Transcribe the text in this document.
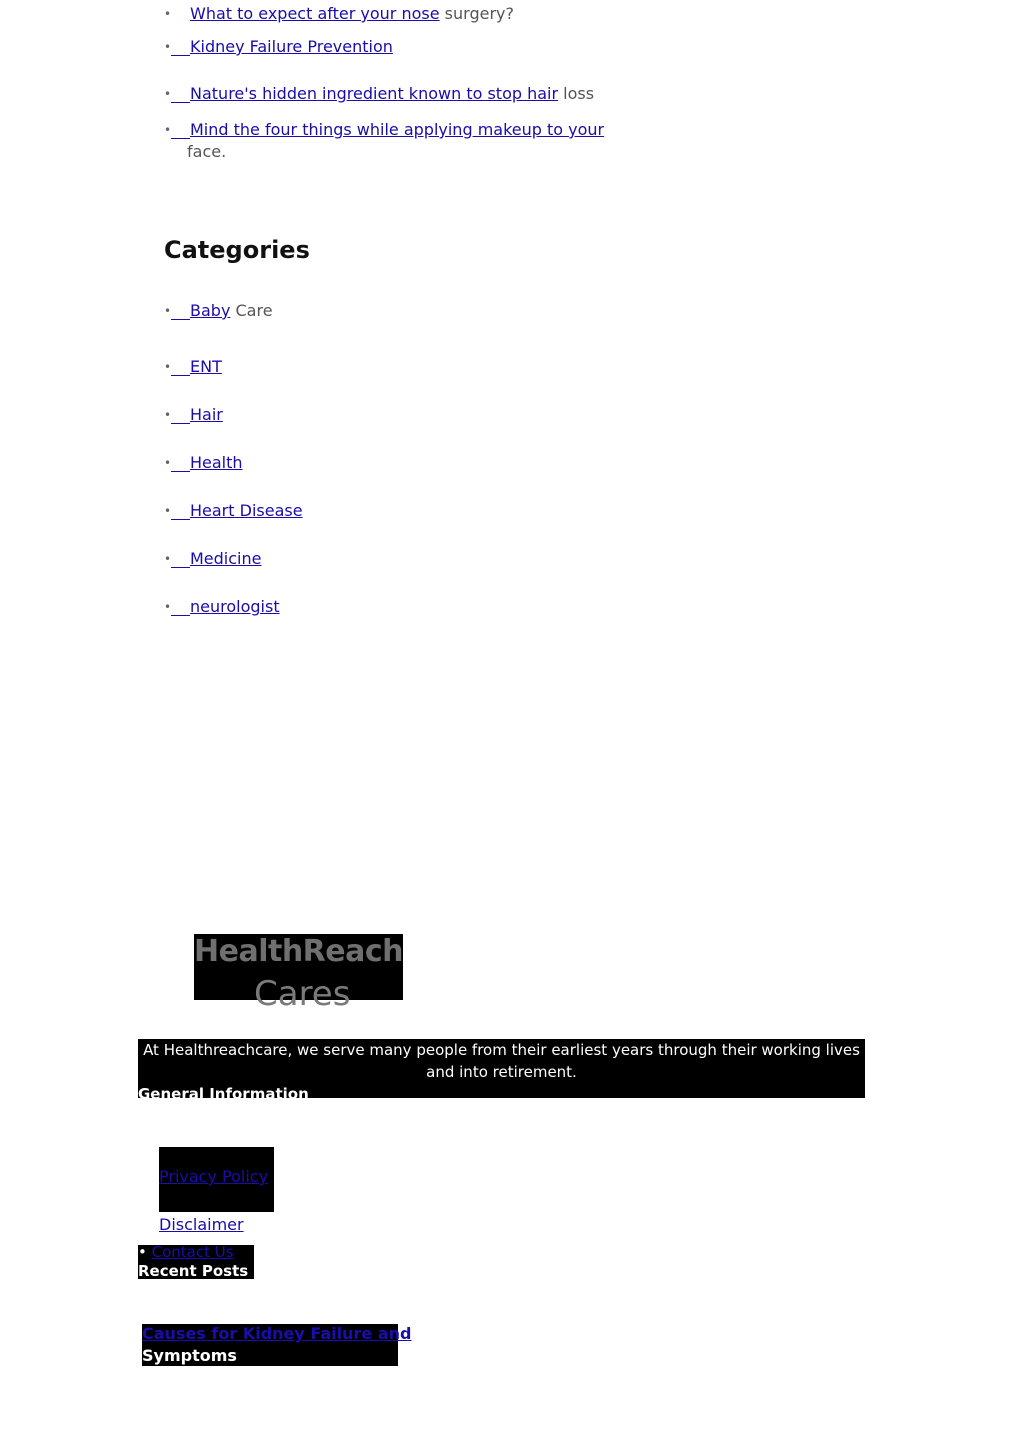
• What to expect after your nose surgery?
• Kidney Failure Prevention
• Nature's hidden ingredient known to stop hair loss
•	Mind the four things while applying makeup to your
face.
Categories
• Baby Care
• ENT
• Hair
• Health
• Heart Disease
• Medicine
• neurologist
HealthReach
Cares
At Healthreachcare, we serve many people from their earliest years through their working lives and into retirement.
General Information
Privacy Policy
Disclaimer
• Contact Us
Recent Posts
Causes for Kidney Failure and
Symptoms
